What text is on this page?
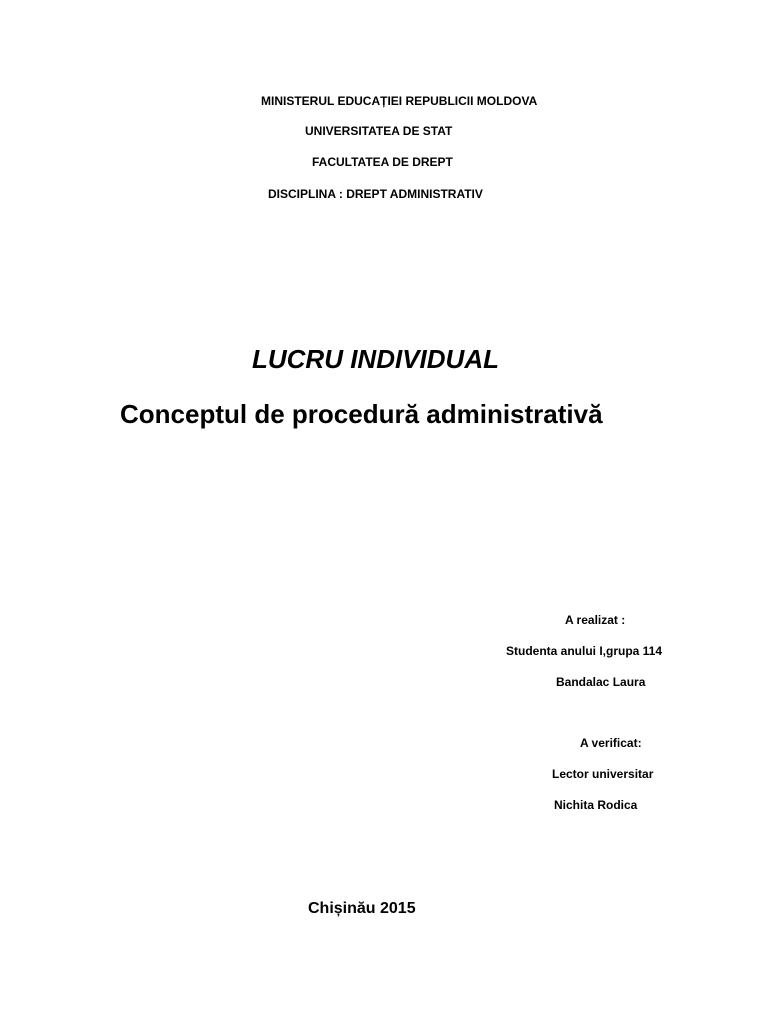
MINISTERUL EDUCAȚIEI REPUBLICII MOLDOVA
UNIVERSITATEA DE STAT
FACULTATEA DE DREPT
DISCIPLINA : DREPT ADMINISTRATIV
LUCRU INDIVIDUAL
Conceptul de procedură administrativă
A realizat :
Studenta anului I,grupa 114
Bandalac Laura
A verificat:
Lector universitar
Nichita Rodica
Chișinău 2015
